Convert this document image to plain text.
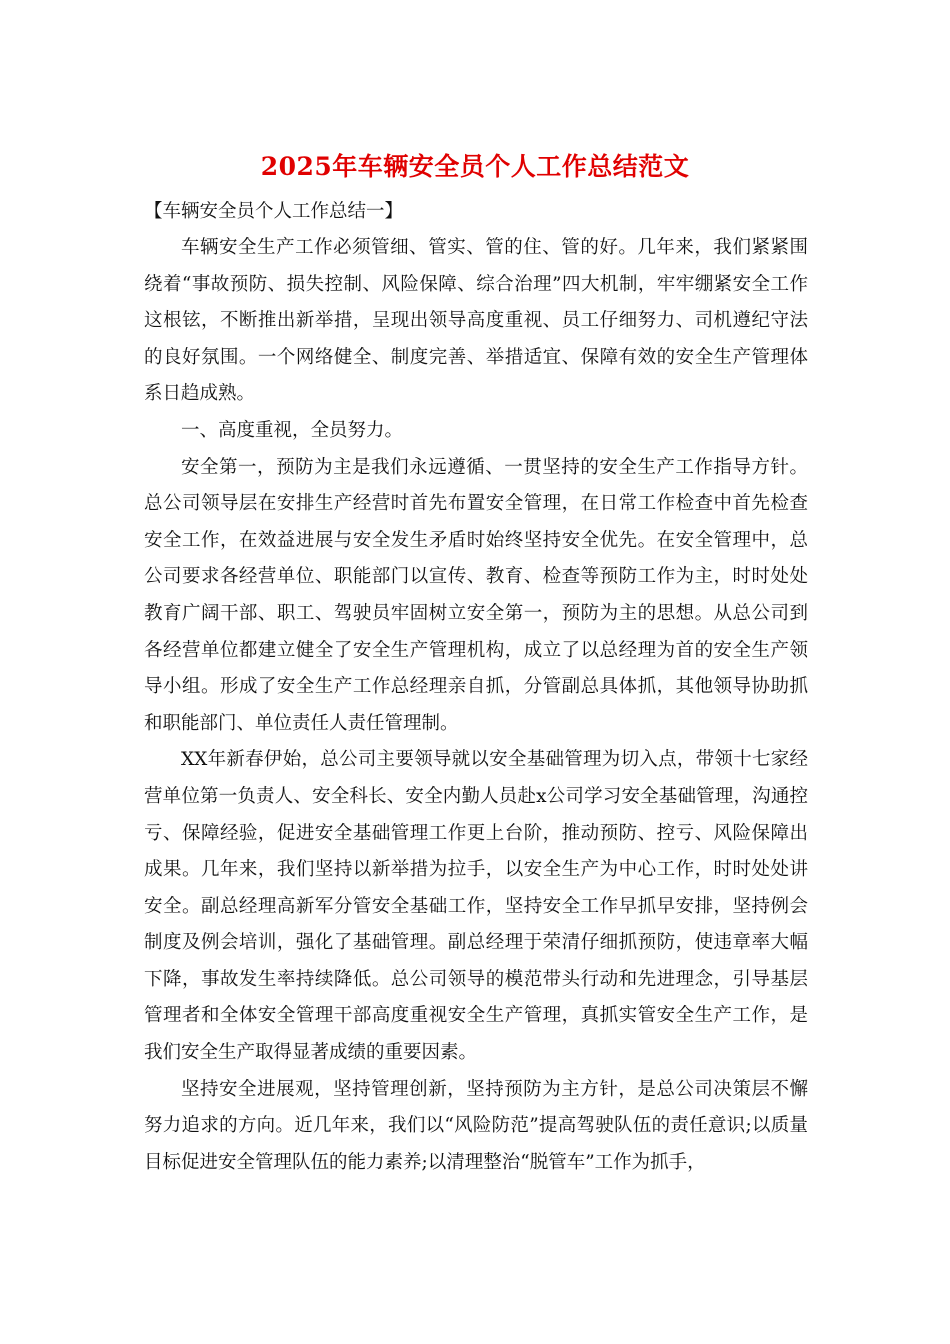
2025年车辆安全员个人工作总结范文

【车辆安全员个人工作总结一】

车辆安全生产工作必须管细、管实、管的住、管的好。几年来，我们紧紧围绕着“事故预防、损失控制、风险保障、综合治理”四大机制，牢牢绷紧安全工作这根铉，不断推出新举措，呈现出领导高度重视、员工仔细努力、司机遵纪守法的良好氛围。一个网络健全、制度完善、举措适宜、保障有效的安全生产管理体系日趋成熟。

一、高度重视，全员努力。

安全第一，预防为主是我们永远遵循、一贯坚持的安全生产工作指导方针。总公司领导层在安排生产经营时首先布置安全管理，在日常工作检查中首先检查安全工作，在效益进展与安全发生矛盾时始终坚持安全优先。在安全管理中，总公司要求各经营单位、职能部门以宣传、教育、检查等预防工作为主，时时处处教育广阔干部、职工、驾驶员牢固树立安全第一，预防为主的思想。从总公司到各经营单位都建立健全了安全生产管理机构，成立了以总经理为首的安全生产领导小组。形成了安全生产工作总经理亲自抓，分管副总具体抓，其他领导协助抓和职能部门、单位责任人责任管理制。

XX年新春伊始，总公司主要领导就以安全基础管理为切入点，带领十七家经营单位第一负责人、安全科长、安全内勤人员赴x公司学习安全基础管理，沟通控亏、保障经验，促进安全基础管理工作更上台阶，推动预防、控亏、风险保障出成果。几年来，我们坚持以新举措为拉手，以安全生产为中心工作，时时处处讲安全。副总经理高新军分管安全基础工作，坚持安全工作早抓早安排，坚持例会制度及例会培训，强化了基础管理。副总经理于荣清仔细抓预防，使违章率大幅下降，事故发生率持续降低。总公司领导的模范带头行动和先进理念，引导基层管理者和全体安全管理干部高度重视安全生产管理，真抓实管安全生产工作，是我们安全生产取得显著成绩的重要因素。

坚持安全进展观，坚持管理创新，坚持预防为主方针，是总公司决策层不懈努力追求的方向。近几年来，我们以“风险防范”提高驾驶队伍的责任意识;以质量目标促进安全管理队伍的能力素养;以清理整治“脱管车”工作为抓手，
